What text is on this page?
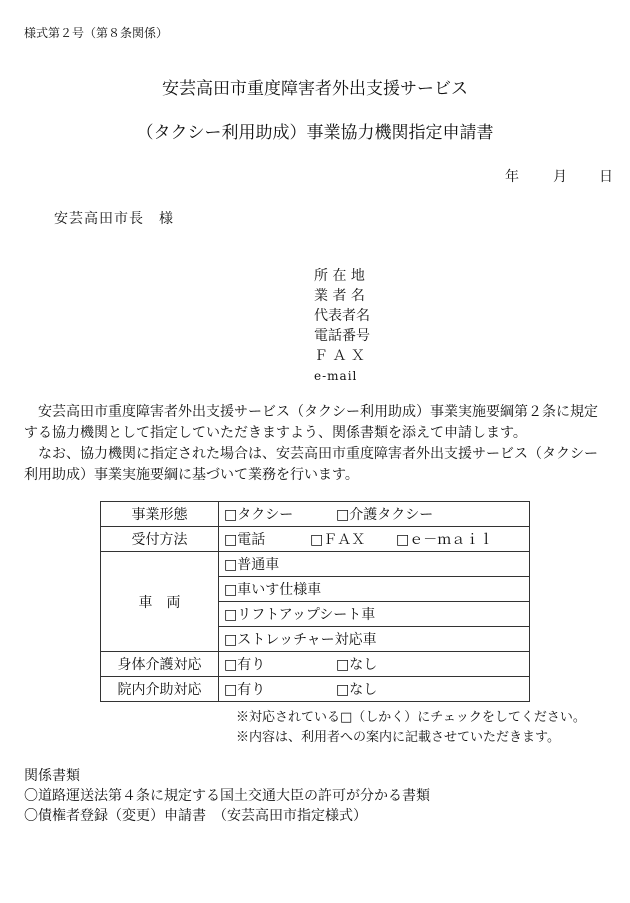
様式第２号（第８条関係）
安芸高田市重度障害者外出支援サービス
（タクシー利用助成）事業協力機関指定申請書
年 月 日
安芸高田市長　様
所 在 地
業 者 名
代表者名
電話番号
Ｆ Ａ Ｘ
e-mail

安芸高田市重度障害者外出支援サービス（タクシー利用助成）事業実施要綱第２条に規定する協力機関として指定していただきますよう、関係書類を添えて申請します。

なお、協力機関に指定された場合は、安芸高田市重度障害者外出支援サービス（タクシー利用助成）事業実施要綱に基づいて業務を行います。

事業形態	□タクシー □介護タクシー
受付方法	□電話 □ＦＡＸ □ｅ－ｍａｉｌ
車　両	□普通車
	□車いす仕様車
	□リフトアップシート車
	□ストレッチャー対応車
身体介護対応	□有り □なし
院内介助対応	□有り □なし
※対応されている□（しかく）にチェックをしてください。
※内容は、利用者への案内に記載させていただきます。
関係書類
〇道路運送法第４条に規定する国土交通大臣の許可が分かる書類
〇債権者登録（変更）申請書　（安芸高田市指定様式）
